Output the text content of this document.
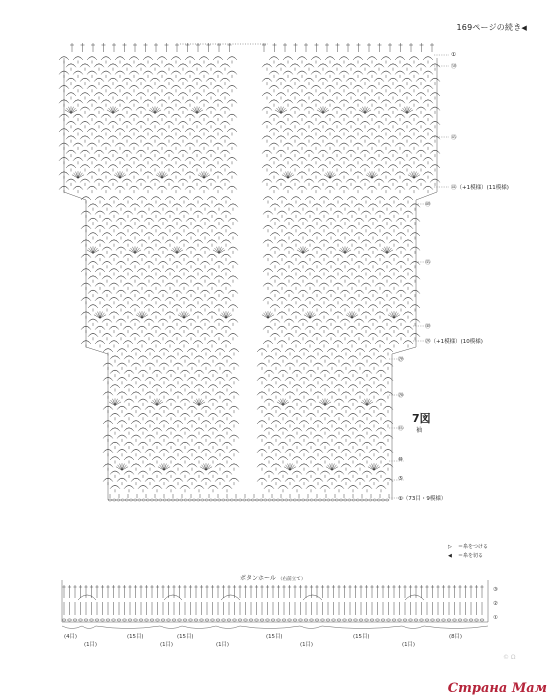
169ページの続き◀
①
㊿
㊺
㊹（+1模様）(11模様)
㊵
㉟
㉚
㉘（+1模様）(10模様)
㉙
⑳
⑮
⑩
⑤
①（73目・9模様）
7図
袖
▷ ＝糸をつける
◀ ＝糸を切る
ボタンホール （右前立て）
③
②
①
(4目)
(1目)
(15目)
(1目)
(15目)
(1目)
(15目)
(1目)
(15目)
(1目)
(8目)
© Ω
Страна Мам
